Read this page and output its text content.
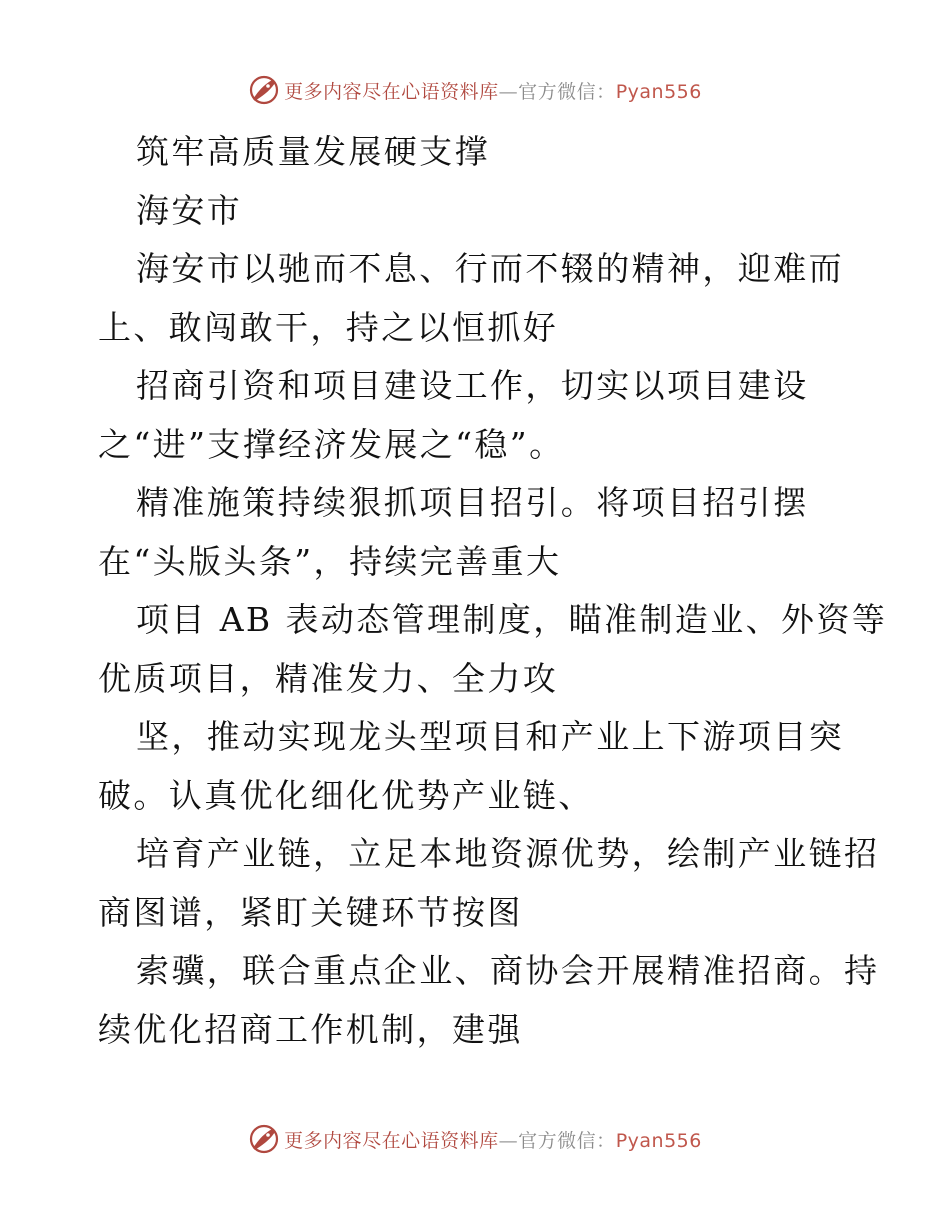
更多内容尽在心语资料库—官方微信：Pyan556
筑牢高质量发展硬支撑
海安市
海安市以驰而不息、行而不辍的精神，迎难而
上、敢闯敢干，持之以恒抓好
招商引资和项目建设工作，切实以项目建设
之“进”支撑经济发展之“稳”。
精准施策持续狠抓项目招引。将项目招引摆
在“头版头条”，持续完善重大
项目 AB 表动态管理制度，瞄准制造业、外资等
优质项目，精准发力、全力攻
坚，推动实现龙头型项目和产业上下游项目突
破。认真优化细化优势产业链、
培育产业链，立足本地资源优势，绘制产业链招
商图谱，紧盯关键环节按图
索骥，联合重点企业、商协会开展精准招商。持
续优化招商工作机制，建强
更多内容尽在心语资料库—官方微信：Pyan556
